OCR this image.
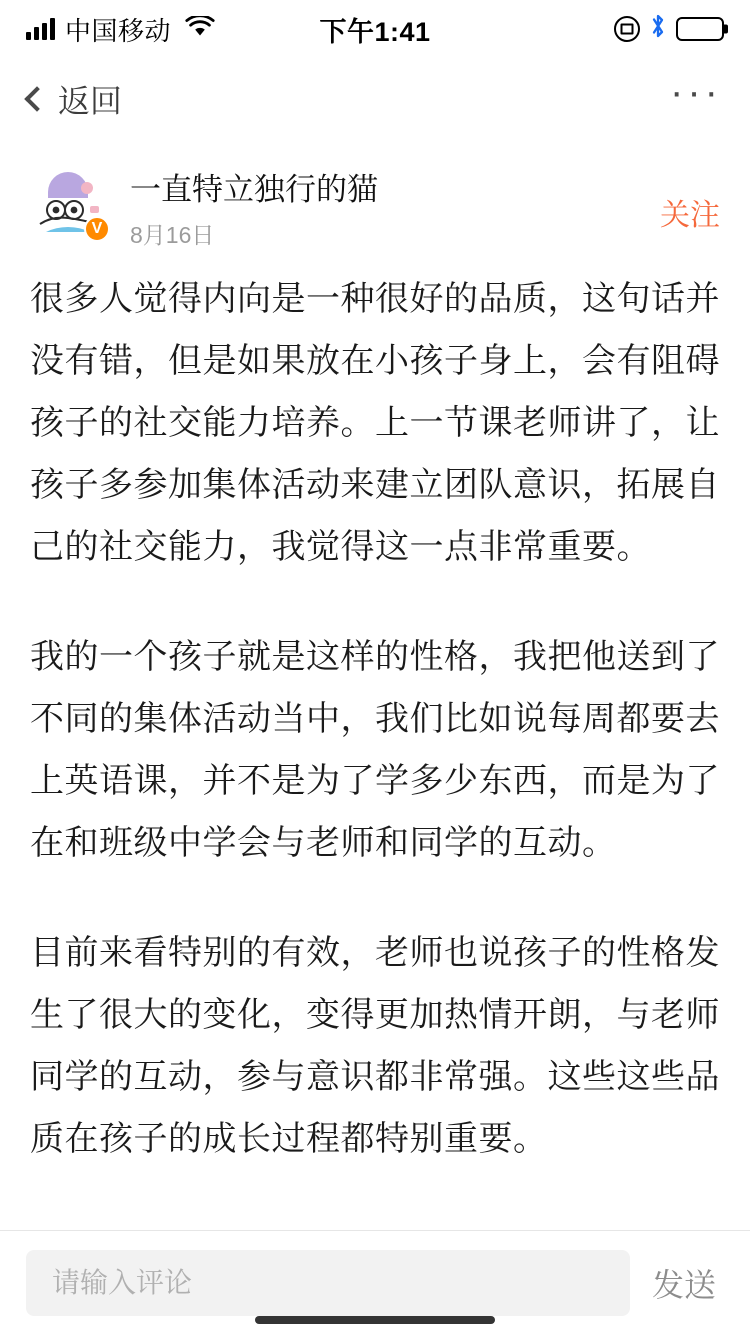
中国移动	下午1:41
返回	···
V
一直特立独行的猫
8月16日
关注

很多人觉得内向是一种很好的品质，这句话并没有错，但是如果放在小孩子身上，会有阻碍孩子的社交能力培养。上一节课老师讲了，让孩子多参加集体活动来建立团队意识，拓展自己的社交能力，我觉得这一点非常重要。

我的一个孩子就是这样的性格，我把他送到了不同的集体活动当中，我们比如说每周都要去上英语课，并不是为了学多少东西，而是为了在和班级中学会与老师和同学的互动。

目前来看特别的有效，老师也说孩子的性格发生了很大的变化，变得更加热情开朗，与老师同学的互动，参与意识都非常强。这些这些品质在孩子的成长过程都特别重要。

请输入评论
发送
